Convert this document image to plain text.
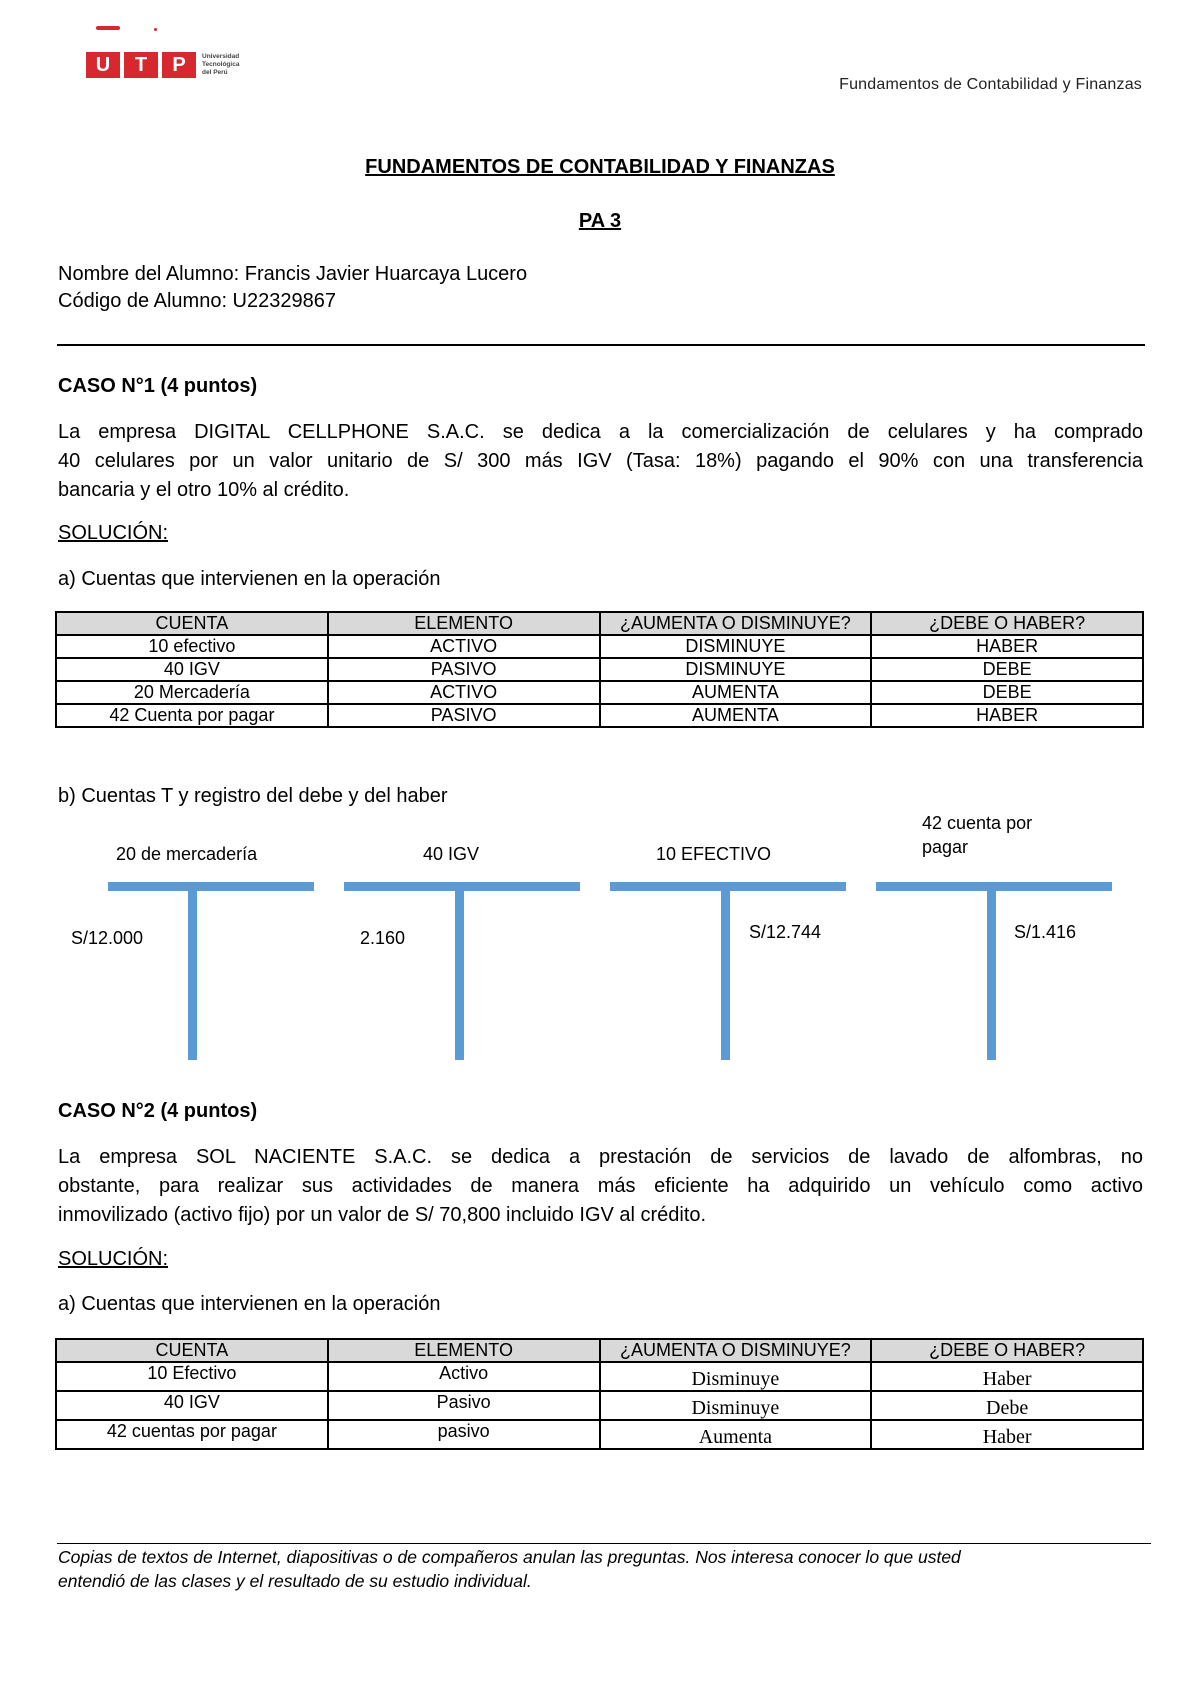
U	T	P	Universidad
Tecnológica
del Perú
Fundamentos de Contabilidad y Finanzas
FUNDAMENTOS DE CONTABILIDAD Y FINANZAS
PA 3
Nombre del Alumno: Francis Javier Huarcaya Lucero
Código de Alumno: U22329867
CASO N°1 (4 puntos)
La empresa DIGITAL CELLPHONE S.A.C. se dedica a la comercialización de celulares y ha comprado
40 celulares por un valor unitario de S/ 300 más IGV (Tasa: 18%) pagando el 90% con una transferencia
bancaria y el otro 10% al crédito.
SOLUCIÓN:
a) Cuentas que intervienen en la operación
CUENTA	ELEMENTO	¿AUMENTA O DISMINUYE?	¿DEBE O HABER?
10 efectivo	ACTIVO	DISMINUYE	HABER
40 IGV	PASIVO	DISMINUYE	DEBE
20 Mercadería	ACTIVO	AUMENTA	DEBE
42 Cuenta por pagar	PASIVO	AUMENTA	HABER
b) Cuentas T y registro del debe y del haber
20 de mercadería
S/12.000
40 IGV
2.160
10 EFECTIVO
S/12.744
42 cuenta por
pagar
S/1.416
CASO N°2 (4 puntos)
La empresa SOL NACIENTE S.A.C. se dedica a prestación de servicios de lavado de alfombras, no
obstante, para realizar sus actividades de manera más eficiente ha adquirido un vehículo como activo
inmovilizado (activo fijo) por un valor de S/ 70,800 incluido IGV al crédito.
SOLUCIÓN:
a) Cuentas que intervienen en la operación
CUENTA	ELEMENTO	¿AUMENTA O DISMINUYE?	¿DEBE O HABER?
10 Efectivo	Activo	Disminuye	Haber
40 IGV	Pasivo	Disminuye	Debe
42 cuentas por pagar	pasivo	Aumenta	Haber
Copias de textos de Internet, diapositivas o de compañeros anulan las preguntas. Nos interesa conocer lo que usted
entendió de las clases y el resultado de su estudio individual.
